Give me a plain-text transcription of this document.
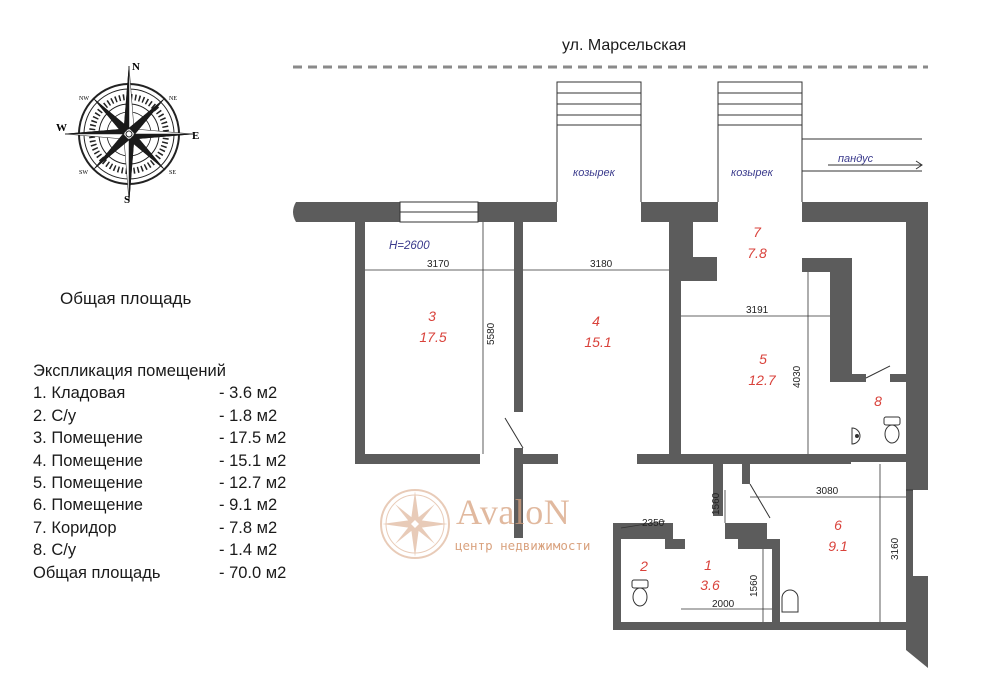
ул. Марсельская
Общая площадь
Экспликация помещений
1. Кладовая	- 3.6 м2
2. С/у	- 1.8 м2
3. Помещение	- 17.5 м2
4. Помещение	- 15.1 м2
5. Помещение	- 12.7 м2
6. Помещение	- 9.1 м2
7. Коридор	- 7.8 м2
8. С/у	- 1.4 м2
Общая площадь	- 70.0 м2
N
S
E
W
NW	NE
SW	SE	козырек	козырек
пандус
3170	3180
5580
3191
4030
3080
3160
2350
1560
1560
2000
H=2600
3
17.5
4
15.1
5
12.7
7
7.8
8
6
9.1
2	1
3.6
AvaloN
центр недвижимости
